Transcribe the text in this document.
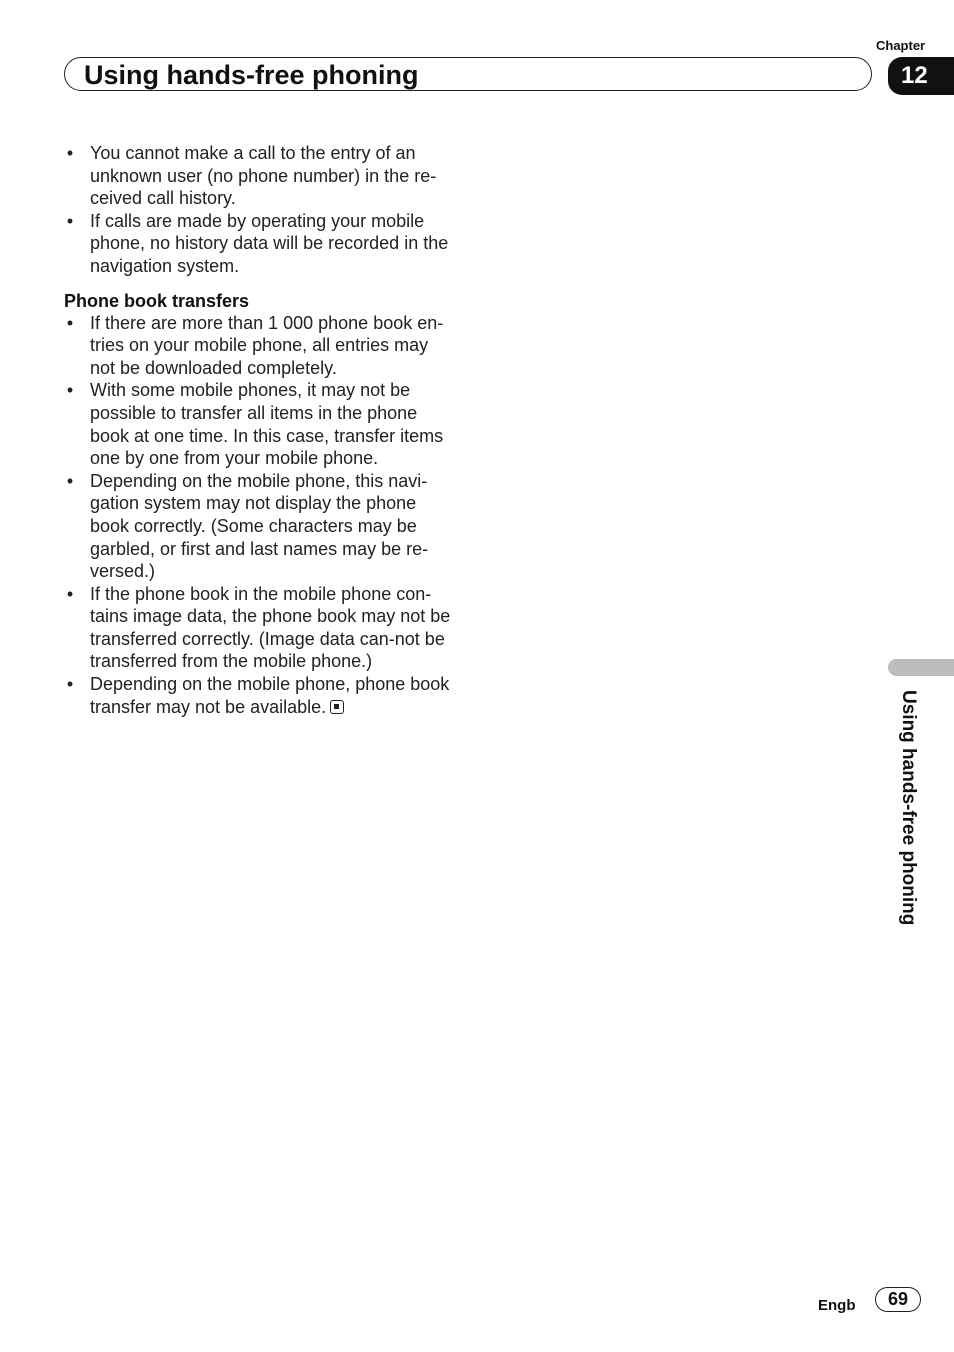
Chapter
Using hands-free phoning	12
• You cannot make a call to the entry of an unknown user (no phone number) in the re-ceived call history.
• If calls are made by operating your mobile phone, no history data will be recorded in the navigation system.
Phone book transfers
• If there are more than 1 000 phone book en-tries on your mobile phone, all entries may not be downloaded completely.
• With some mobile phones, it may not be possible to transfer all items in the phone book at one time. In this case, transfer items one by one from your mobile phone.
• Depending on the mobile phone, this navi-gation system may not display the phone book correctly. (Some characters may be garbled, or first and last names may be re-versed.)
• If the phone book in the mobile phone con-tains image data, the phone book may not be transferred correctly. (Image data can-not be transferred from the mobile phone.)
• Depending on the mobile phone, phone book transfer may not be available.	Using hands-free phoning
Engb	69
